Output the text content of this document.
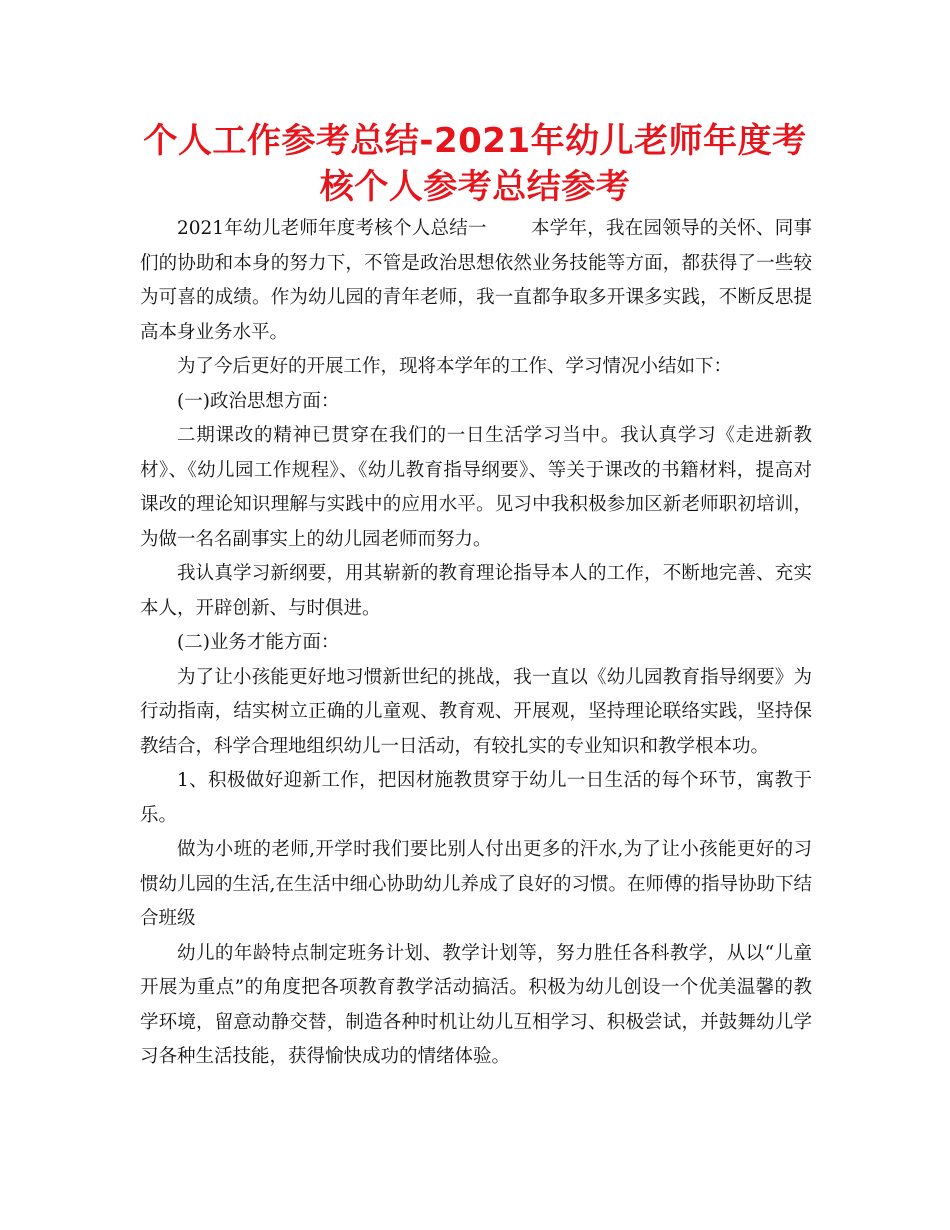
个人工作参考总结-2021年幼儿老师年度考核个人参考总结参考

2021年幼儿老师年度考核个人总结一 本学年，我在园领导的关怀、同事们的协助和本身的努力下，不管是政治思想依然业务技能等方面，都获得了一些较为可喜的成绩。作为幼儿园的青年老师，我一直都争取多开课多实践，不断反思提高本身业务水平。

为了今后更好的开展工作，现将本学年的工作、学习情况小结如下：

(一)政治思想方面：

二期课改的精神已贯穿在我们的一日生活学习当中。我认真学习《走进新教材》、《幼儿园工作规程》、《幼儿教育指导纲要》、等关于课改的书籍材料，提高对课改的理论知识理解与实践中的应用水平。见习中我积极参加区新老师职初培训，为做一名名副事实上的幼儿园老师而努力。

我认真学习新纲要，用其崭新的教育理论指导本人的工作，不断地完善、充实本人，开辟创新、与时俱进。

(二)业务才能方面：

为了让小孩能更好地习惯新世纪的挑战，我一直以《幼儿园教育指导纲要》为行动指南，结实树立正确的儿童观、教育观、开展观，坚持理论联络实践，坚持保教结合，科学合理地组织幼儿一日活动，有较扎实的专业知识和教学根本功。

1、积极做好迎新工作，把因材施教贯穿于幼儿一日生活的每个环节，寓教于乐。

做为小班的老师,开学时我们要比别人付出更多的汗水,为了让小孩能更好的习惯幼儿园的生活,在生活中细心协助幼儿养成了良好的习惯。在师傅的指导协助下结合班级

幼儿的年龄特点制定班务计划、教学计划等，努力胜任各科教学，从以“儿童开展为重点”的角度把各项教育教学活动搞活。积极为幼儿创设一个优美温馨的教学环境，留意动静交替，制造各种时机让幼儿互相学习、积极尝试，并鼓舞幼儿学习各种生活技能，获得愉快成功的情绪体验。
